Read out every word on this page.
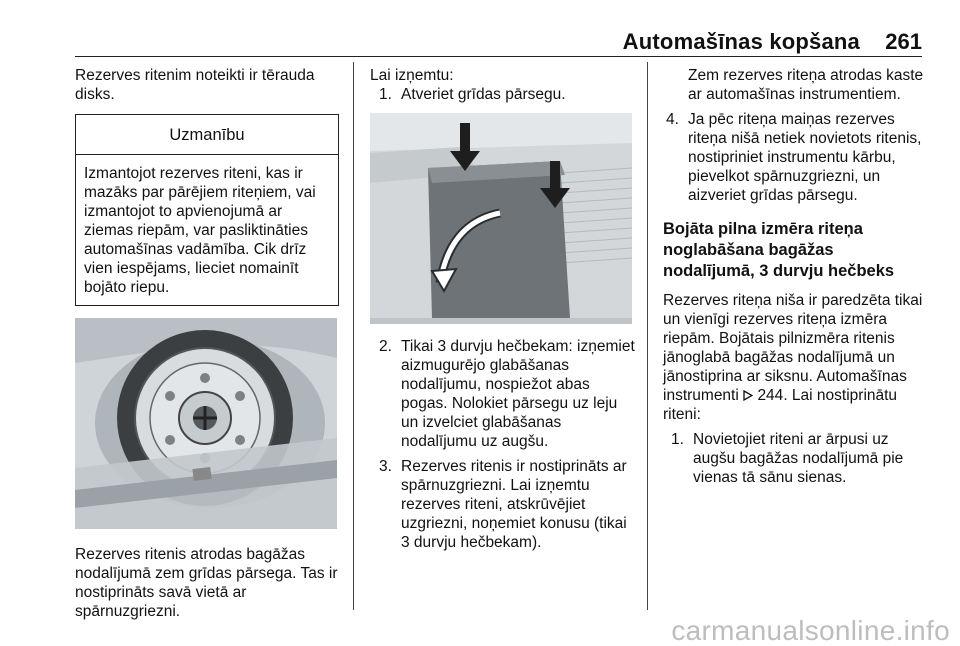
Automašīnas kopšana 261

Rezerves ritenim noteikti ir tērauda disks.

Uzmanību
Izmantojot rezerves riteni, kas ir mazāks par pārējiem riteņiem, vai izmantojot to apvienojumā ar ziemas riepām, var pasliktināties automašīnas vadāmība. Cik drīz vien iespējams, lieciet nomainīt bojāto riepu.

Rezerves ritenis atrodas bagāžas nodalījumā zem grīdas pārsega. Tas ir nostiprināts savā vietā ar spārnuzgriezni.

Lai izņemtu:

1. Atveriet grīdas pārsegu.
2. Tikai 3 durvju hečbekam: izņemiet aizmugurējo glabāšanas nodalījumu, nospiežot abas pogas. Nolokiet pārsegu uz leju un izvelciet glabāšanas nodalījumu uz augšu.
3. Rezerves ritenis ir nostiprināts ar spārnuzgriezni. Lai izņemtu rezerves riteni, atskrūvējiet uzgriezni, noņemiet konusu (tikai 3 durvju hečbekam).

Zem rezerves riteņa atrodas kaste ar automašīnas instrumentiem.

4. Ja pēc riteņa maiņas rezerves riteņa nišā netiek novietots ritenis, nostipriniet instrumentu kārbu, pievelkot spārnuzgriezni, un aizveriet grīdas pārsegu.
Bojāta pilna izmēra riteņa noglabāšana bagāžas nodalījumā, 3 durvju hečbeks

Rezerves riteņa niša ir paredzēta tikai un vienīgi rezerves riteņa izmēra riepām. Bojātais pilnizmēra ritenis jānoglabā bagāžas nodalījumā un jānostiprina ar siksnu. Automašīnas instrumenti  244. Lai nostiprinātu riteni:

1. Novietojiet riteni ar ārpusi uz augšu bagāžas nodalījumā pie vienas tā sānu sienas.
carmanualsonline.info
